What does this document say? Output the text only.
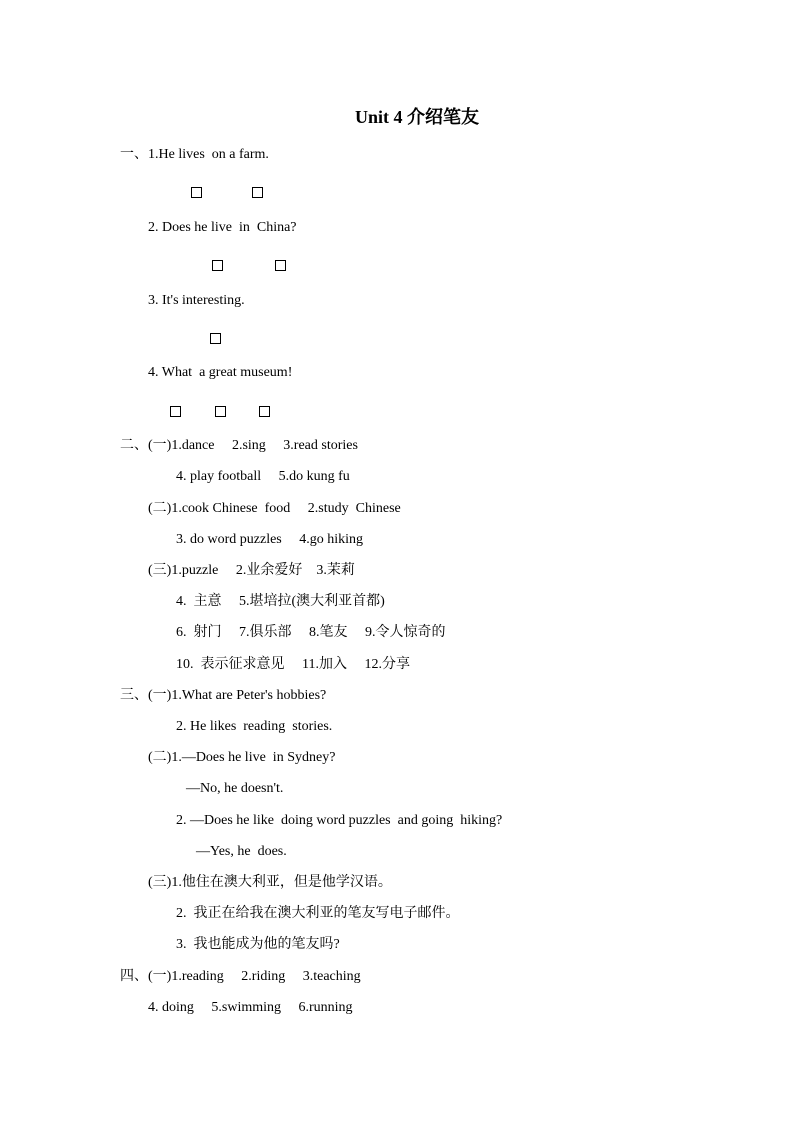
Unit 4 介绍笔友
一、1.He lives  on a farm.
2. Does he live  in  China?
3. It's interesting.
4. What  a great museum!
二、(一)1.dance     2.sing     3.read stories
4. play football     5.do kung fu
(二)1.cook Chinese  food     2.study  Chinese
3. do word puzzles     4.go hiking
(三)1.puzzle     2.业余爱好    3.茉莉
4.  主意     5.堪培拉(澳大利亚首都)
6.  射门     7.俱乐部     8.笔友     9.令人惊奇的
10.  表示征求意见     11.加入     12.分享
三、(一)1.What are Peter's hobbies?
2. He likes  reading  stories.
(二)1.—Does he live  in Sydney?
—No, he doesn't.
2. —Does he like  doing word puzzles  and going  hiking?
—Yes, he  does.
(三)1.他住在澳大利亚，但是他学汉语。
2.  我正在给我在澳大利亚的笔友写电子邮件。
3.  我也能成为他的笔友吗?
四、(一)1.reading     2.riding     3.teaching
4. doing     5.swimming     6.running
